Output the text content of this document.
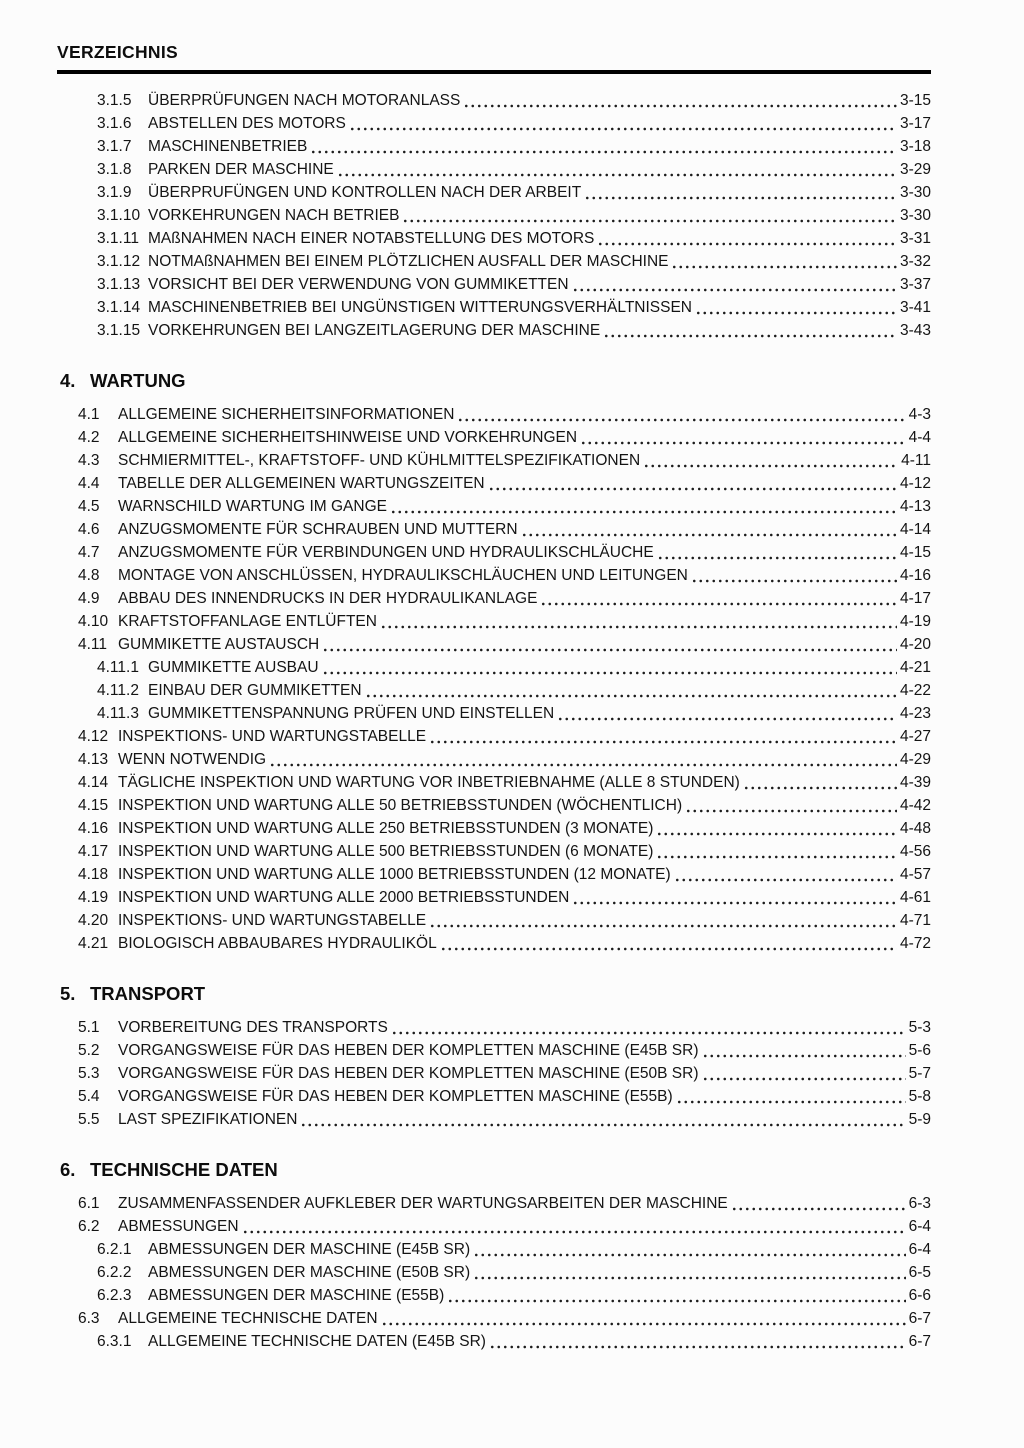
VERZEICHNIS
3.1.5	ÜBERPRÜFUNGEN NACH MOTORANLASS	3-15
3.1.6	ABSTELLEN DES MOTORS	3-17
3.1.7	MASCHINENBETRIEB	3-18
3.1.8	PARKEN DER MASCHINE	3-29
3.1.9	ÜBERPRUFÜNGEN UND KONTROLLEN NACH DER ARBEIT	3-30
3.1.10 VORKEHRUNGEN NACH BETRIEB	3-30
3.1.11 MAßNAHMEN NACH EINER NOTABSTELLUNG DES MOTORS	3-31
3.1.12 NOTMAßNAHMEN BEI EINEM PLÖTZLICHEN AUSFALL DER MASCHINE	3-32
3.1.13 VORSICHT BEI DER VERWENDUNG VON GUMMIKETTEN	3-37
3.1.14 MASCHINENBETRIEB BEI UNGÜNSTIGEN WITTERUNGSVERHÄLTNISSEN	3-41
3.1.15 VORKEHRUNGEN BEI LANGZEITLAGERUNG DER MASCHINE	3-43
4. WARTUNG
4.1	ALLGEMEINE SICHERHEITSINFORMATIONEN	4-3
4.2	ALLGEMEINE SICHERHEITSHINWEISE UND VORKEHRUNGEN	4-4
4.3	SCHMIERMITTEL-, KRAFTSTOFF- UND KÜHLMITTELSPEZIFIKATIONEN	4-11
4.4	TABELLE DER ALLGEMEINEN WARTUNGSZEITEN	4-12
4.5	WARNSCHILD WARTUNG IM GANGE	4-13
4.6	ANZUGSMOMENTE FÜR SCHRAUBEN UND MUTTERN	4-14
4.7	ANZUGSMOMENTE FÜR VERBINDUNGEN UND HYDRAULIKSCHLÄUCHE	4-15
4.8	MONTAGE VON ANSCHLÜSSEN, HYDRAULIKSCHLÄUCHEN UND LEITUNGEN	4-16
4.9	ABBAU DES INNENDRUCKS IN DER HYDRAULIKANLAGE	4-17
4.10 KRAFTSTOFFANLAGE ENTLÜFTEN	4-19
4.11 GUMMIKETTE AUSTAUSCH	4-20
4.11.1 GUMMIKETTE AUSBAU	4-21
4.11.2 EINBAU DER GUMMIKETTEN	4-22
4.11.3 GUMMIKETTENSPANNUNG PRÜFEN UND EINSTELLEN	4-23
4.12 INSPEKTIONS- UND WARTUNGSTABELLE	4-27
4.13 WENN NOTWENDIG	4-29
4.14 TÄGLICHE INSPEKTION UND WARTUNG VOR INBETRIEBNAHME (ALLE 8 STUNDEN)	4-39
4.15 INSPEKTION UND WARTUNG ALLE 50 BETRIEBSSTUNDEN (WÖCHENTLICH)	4-42
4.16 INSPEKTION UND WARTUNG ALLE 250 BETRIEBSSTUNDEN (3 MONATE)	4-48
4.17 INSPEKTION UND WARTUNG ALLE 500 BETRIEBSSTUNDEN (6 MONATE)	4-56
4.18 INSPEKTION UND WARTUNG ALLE 1000 BETRIEBSSTUNDEN (12 MONATE)	4-57
4.19 INSPEKTION UND WARTUNG ALLE 2000 BETRIEBSSTUNDEN	4-61
4.20 INSPEKTIONS- UND WARTUNGSTABELLE	4-71
4.21 BIOLOGISCH ABBAUBARES HYDRAULIKÖL	4-72
5. TRANSPORT
5.1	VORBEREITUNG DES TRANSPORTS	5-3
5.2	VORGANGSWEISE FÜR DAS HEBEN DER KOMPLETTEN MASCHINE (E45B SR)	5-6
5.3	VORGANGSWEISE FÜR DAS HEBEN DER KOMPLETTEN MASCHINE (E50B SR)	5-7
5.4	VORGANGSWEISE FÜR DAS HEBEN DER KOMPLETTEN MASCHINE (E55B)	5-8
5.5	LAST SPEZIFIKATIONEN	5-9
6. TECHNISCHE DATEN
6.1	ZUSAMMENFASSENDER AUFKLEBER DER WARTUNGSARBEITEN DER MASCHINE	6-3
6.2	ABMESSUNGEN	6-4
6.2.1	ABMESSUNGEN DER MASCHINE (E45B SR)	6-4
6.2.2	ABMESSUNGEN DER MASCHINE (E50B SR)	6-5
6.2.3	ABMESSUNGEN DER MASCHINE (E55B)	6-6
6.3	ALLGEMEINE TECHNISCHE DATEN	6-7
6.3.1	ALLGEMEINE TECHNISCHE DATEN (E45B SR)	6-7
